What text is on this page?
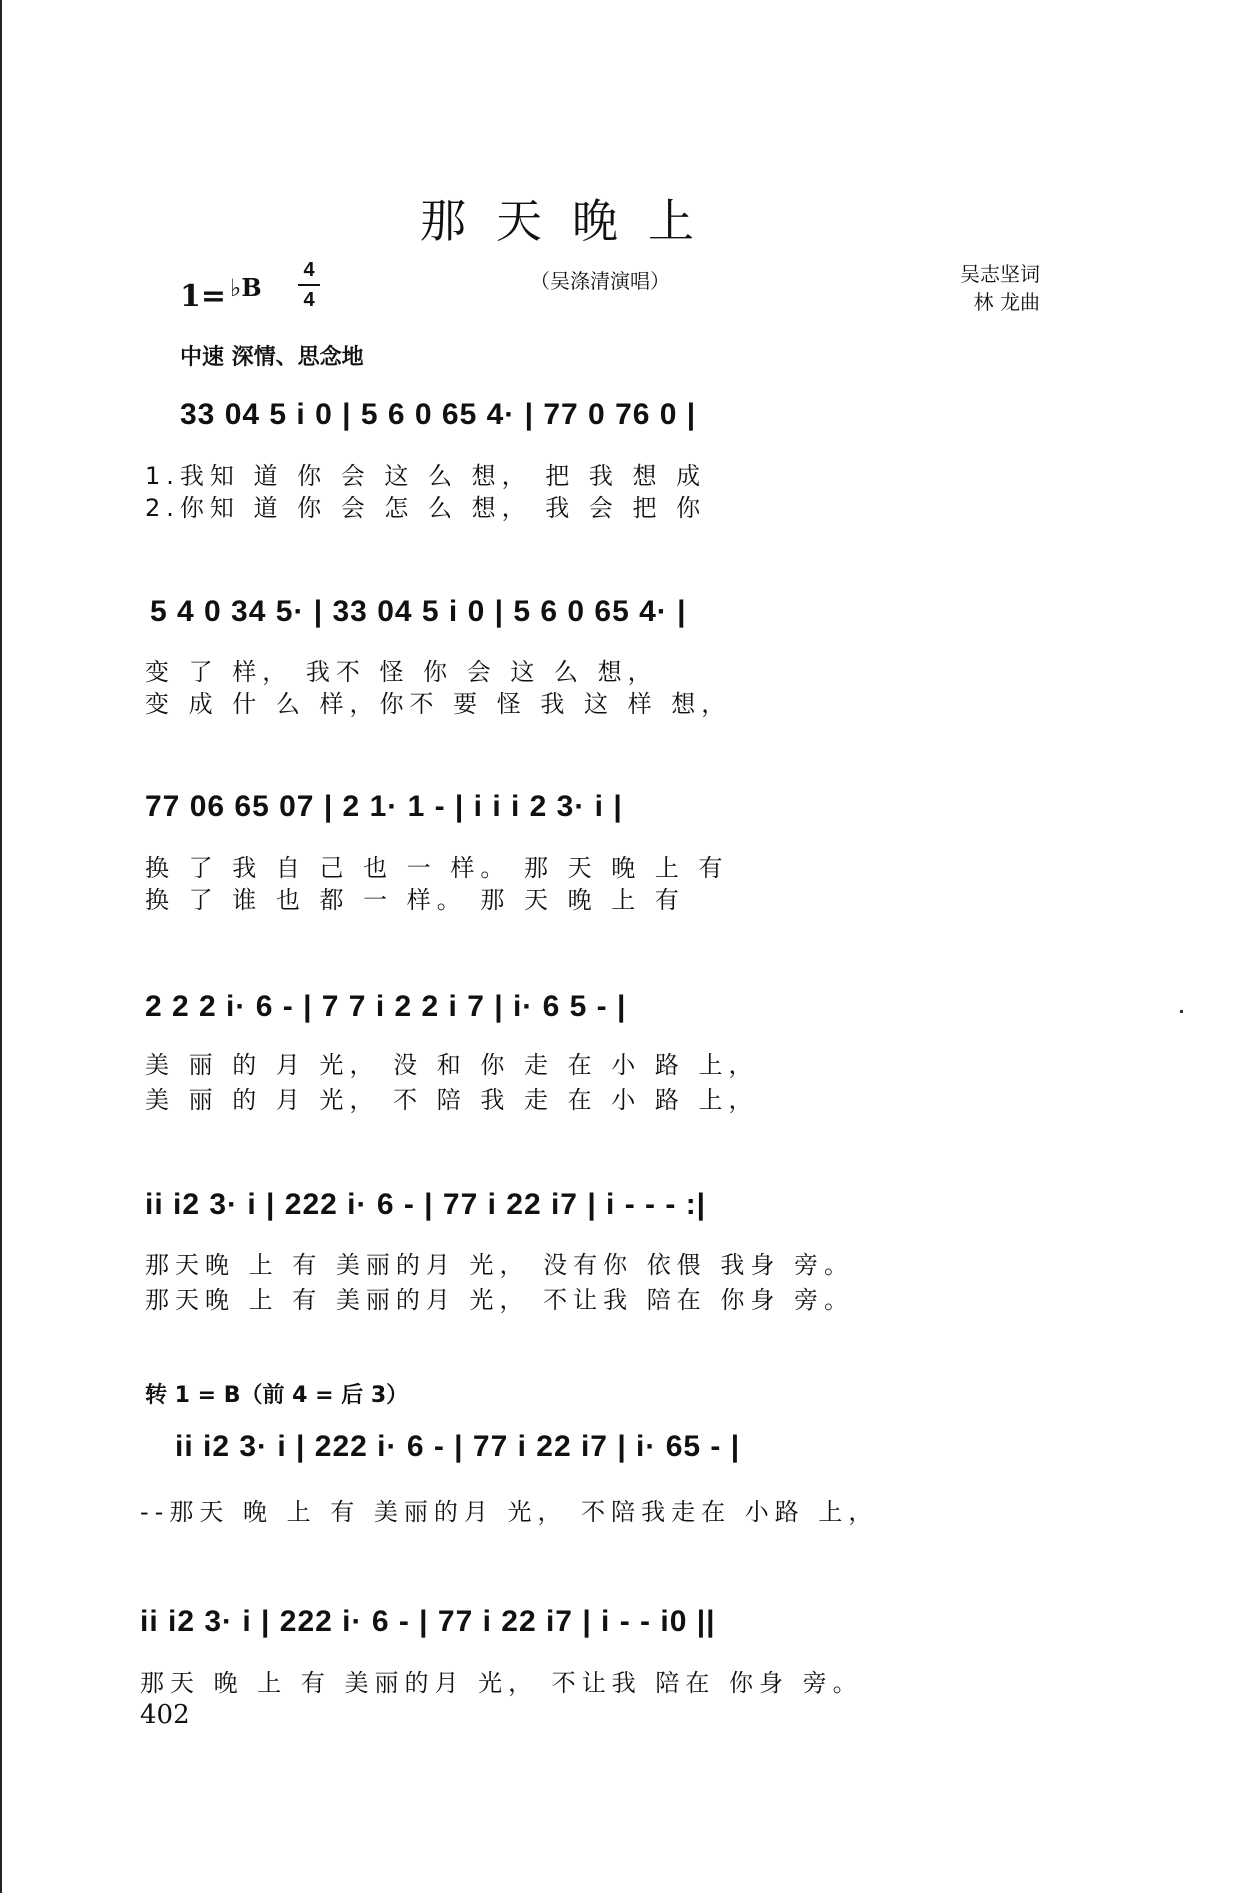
那天晚上
1= $^{♭B}$
4
4
（吴涤清演唱）	吴志坚词
林 龙曲
中速 深情、思念地
33 04 5 i 0 | 5 6 0 65 4· | 77 0 76 0 |
1.我知 道 你 会 这 么 想， 把 我 想 成
2.你知 道 你 会 怎 么 想， 我 会 把 你
5 4 0 34 5· | 33 04 5 i 0 | 5 6 0 65 4· |
变 了 样， 我不 怪 你 会 这 么 想，
变 成 什 么 样，你不 要 怪 我 这 样 想，
77 06 65 07 | 2 1· 1 - | i i i 2 3· i |
换 了 我 自 己 也 一 样。 那 天 晚 上 有
换 了 谁 也 都 一 样。 那 天 晚 上 有
2 2 2 i· 6 - | 7 7 i 2 2 i 7 | i· 6 5 - |
美 丽 的 月 光， 没 和 你 走 在 小 路 上，
美 丽 的 月 光， 不 陪 我 走 在 小 路 上，
ii i2 3· i | 222 i· 6 - | 77 i 22 i7 | i - - - :|
那天晚 上 有 美丽的月 光， 没有你 依偎 我身 旁。
那天晚 上 有 美丽的月 光， 不让我 陪在 你身 旁。
转 1 = B（前 4 = 后 3）
ii i2 3· i | 222 i· 6 - | 77 i 22 i7 | i· 65 - |
--那天 晚 上 有 美丽的月 光， 不陪我走在 小路 上，
ii i2 3· i | 222 i· 6 - | 77 i 22 i7 | i - - i0 ||
那天 晚 上 有 美丽的月 光， 不让我 陪在 你身 旁。
402
